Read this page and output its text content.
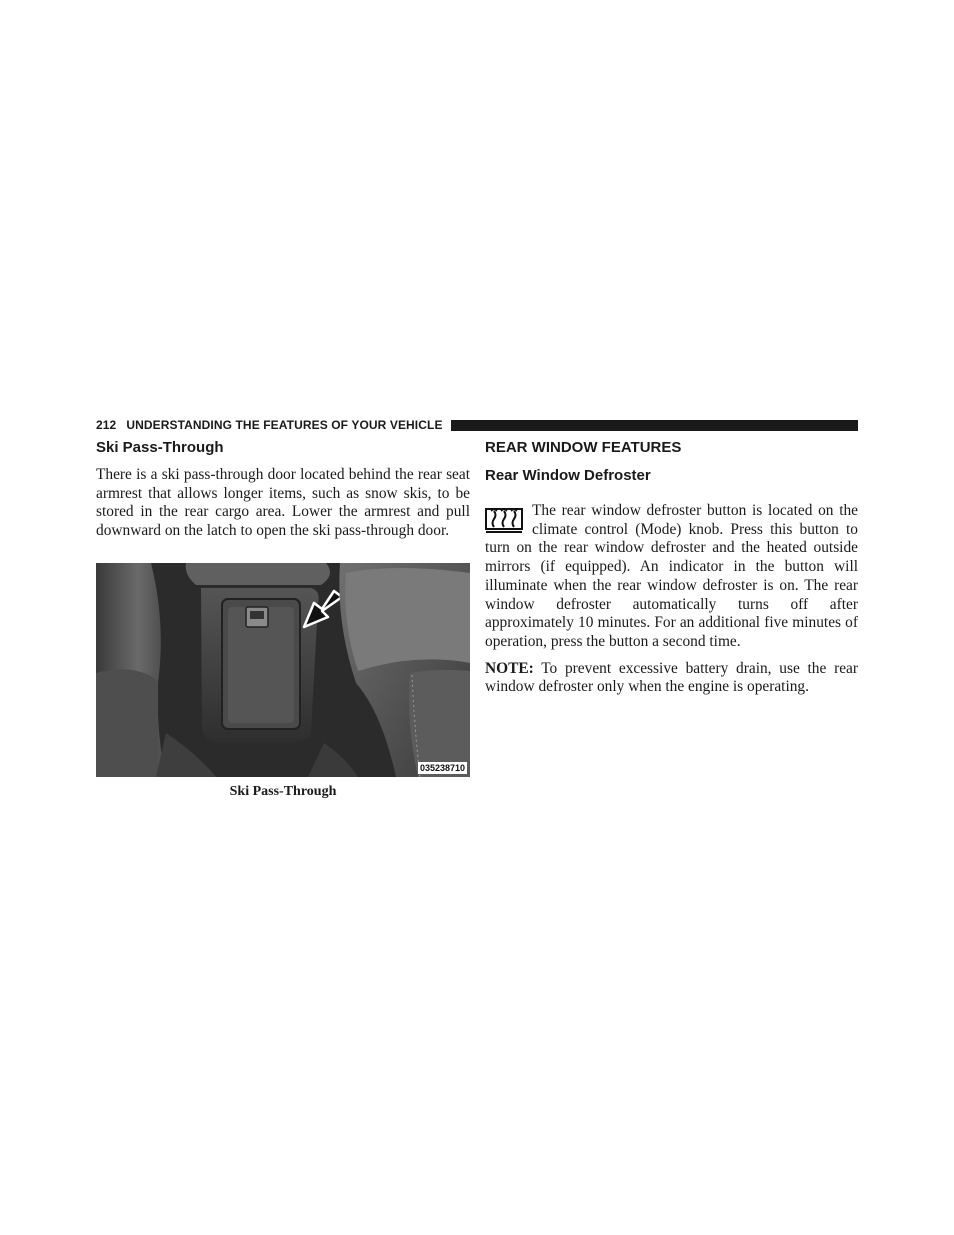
212 UNDERSTANDING THE FEATURES OF YOUR VEHICLE
Ski Pass-Through

There is a ski pass-through door located behind the rear seat armrest that allows longer items, such as snow skis, to be stored in the rear cargo area. Lower the armrest and pull downward on the latch to open the ski pass-through door.

035238710
Ski Pass-Through
REAR WINDOW FEATURES
Rear Window Defroster

The rear window defroster button is located on the climate control (Mode) knob. Press this button to turn on the rear window defroster and the heated outside mirrors (if equipped). An indicator in the button will illuminate when the rear window defroster is on. The rear window defroster automatically turns off after approximately 10 minutes. For an additional five minutes of operation, press the button a second time.

NOTE: To prevent excessive battery drain, use the rear window defroster only when the engine is operating.
